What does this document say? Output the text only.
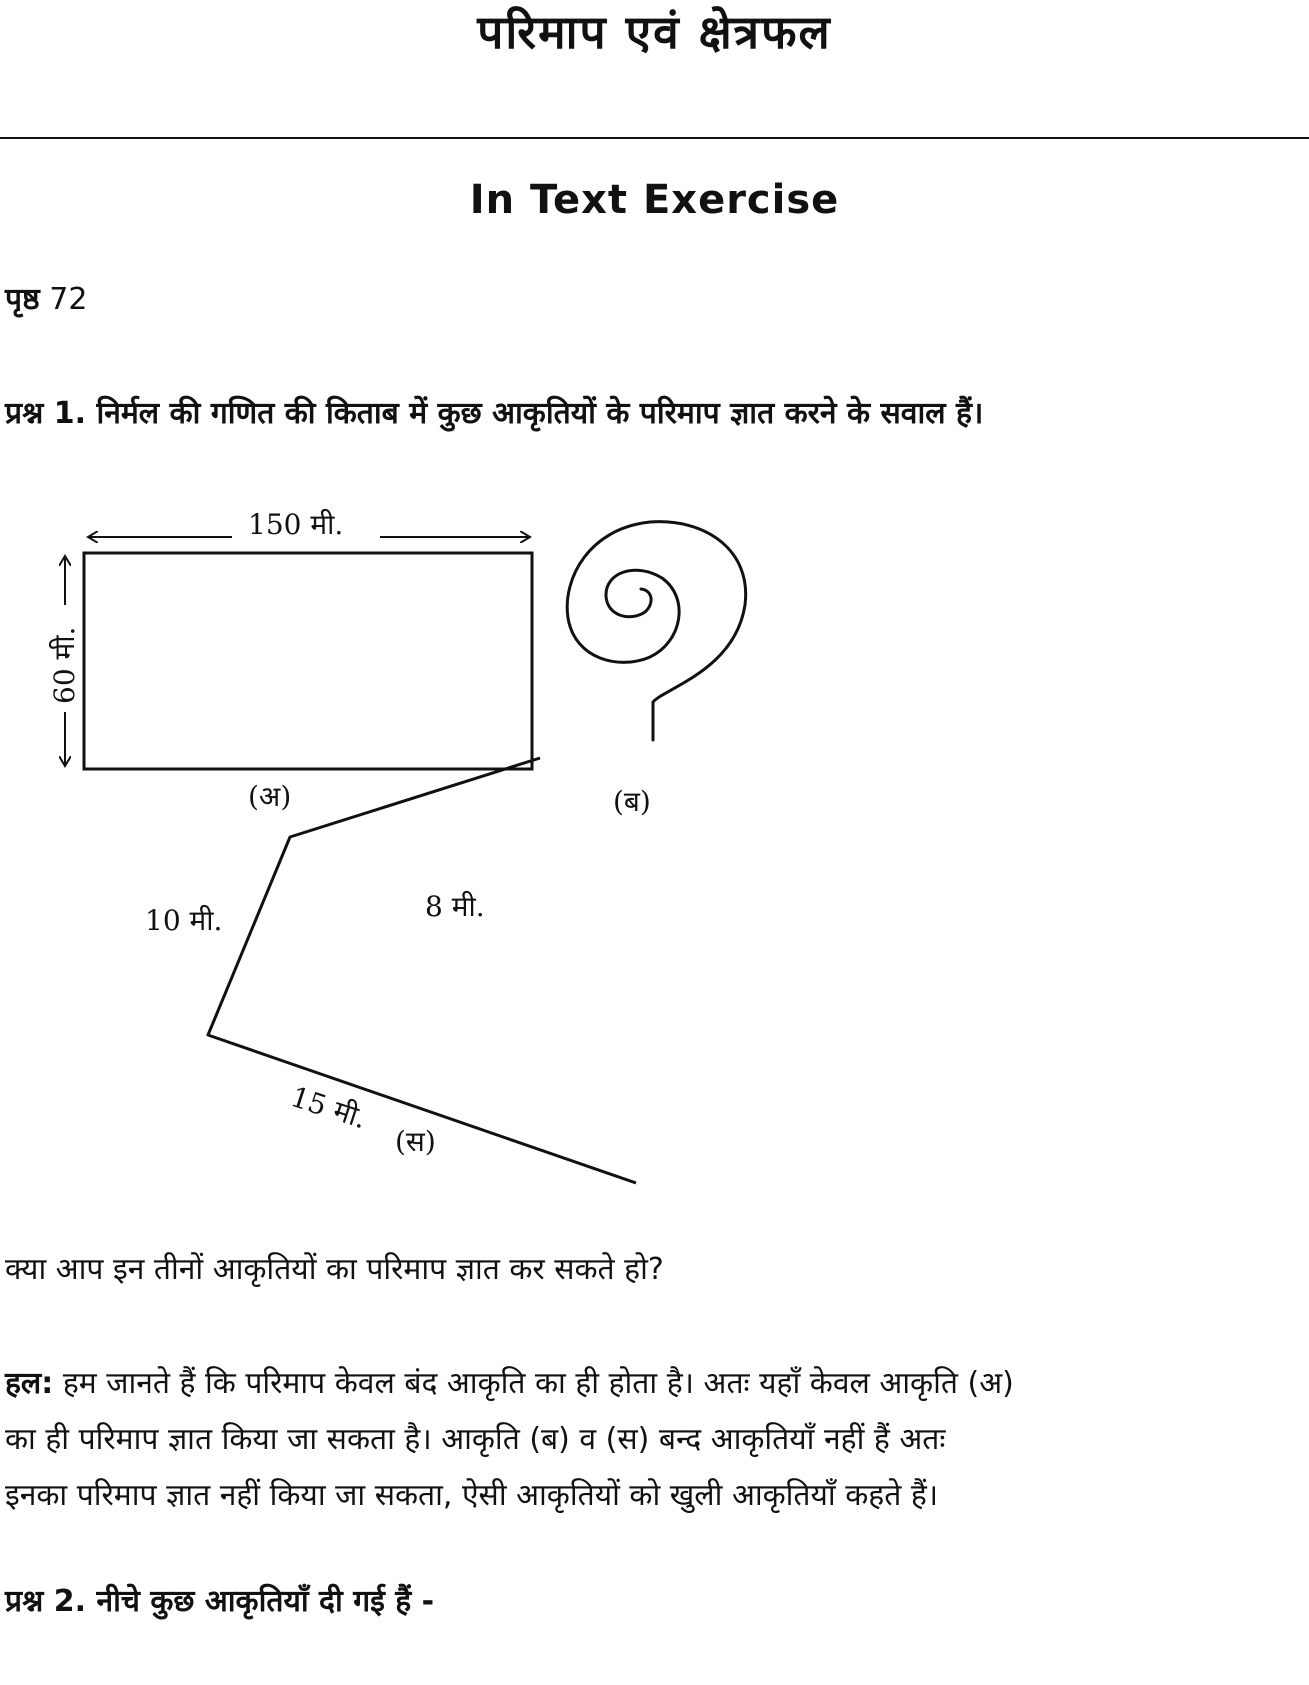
परिमाप एवं क्षेत्रफल
In Text Exercise
पृष्ठ 72
प्रश्न 1. निर्मल की गणित की किताब में कुछ आकृतियों के परिमाप ज्ञात करने के सवाल हैं।
150 मी.
60 मी.
(अ)	(ब)
10 मी.	8 मी.
15 मी.
(स)
क्या आप इन तीनों आकृतियों का परिमाप ज्ञात कर सकते हो?

हल: हम जानते हैं कि परिमाप केवल बंद आकृति का ही होता है। अतः यहाँ केवल आकृति (अ)

का ही परिमाप ज्ञात किया जा सकता है। आकृति (ब) व (स) बन्द आकृतियाँ नहीं हैं अतः

इनका परिमाप ज्ञात नहीं किया जा सकता, ऐसी आकृतियों को खुली आकृतियाँ कहते हैं।

प्रश्न 2. नीचे कुछ आकृतियाँ दी गई हैं -
